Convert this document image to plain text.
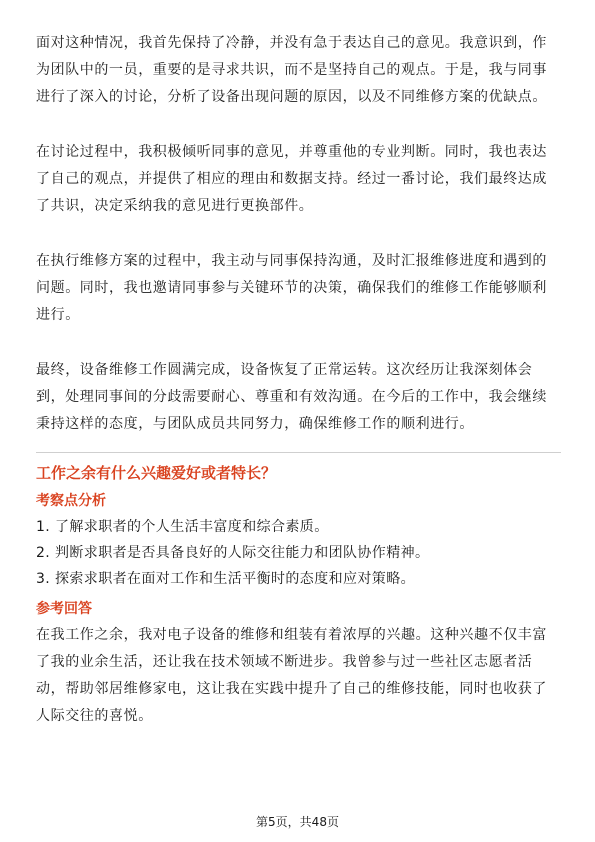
面对这种情况，我首先保持了冷静，并没有急于表达自己的意见。我意识到，作为团队中的一员，重要的是寻求共识，而不是坚持自己的观点。于是，我与同事进行了深入的讨论，分析了设备出现问题的原因，以及不同维修方案的优缺点。

在讨论过程中，我积极倾听同事的意见，并尊重他的专业判断。同时，我也表达了自己的观点，并提供了相应的理由和数据支持。经过一番讨论，我们最终达成了共识，决定采纳我的意见进行更换部件。

在执行维修方案的过程中，我主动与同事保持沟通，及时汇报维修进度和遇到的问题。同时，我也邀请同事参与关键环节的决策，确保我们的维修工作能够顺利进行。

最终，设备维修工作圆满完成，设备恢复了正常运转。这次经历让我深刻体会到，处理同事间的分歧需要耐心、尊重和有效沟通。在今后的工作中，我会继续秉持这样的态度，与团队成员共同努力，确保维修工作的顺利进行。

工作之余有什么兴趣爱好或者特长？
考察点分析
1. 了解求职者的个人生活丰富度和综合素质。
2. 判断求职者是否具备良好的人际交往能力和团队协作精神。
3. 探索求职者在面对工作和生活平衡时的态度和应对策略。
参考回答

在我工作之余，我对电子设备的维修和组装有着浓厚的兴趣。这种兴趣不仅丰富了我的业余生活，还让我在技术领域不断进步。我曾参与过一些社区志愿者活动，帮助邻居维修家电，这让我在实践中提升了自己的维修技能，同时也收获了人际交往的喜悦。

第5页，共48页
